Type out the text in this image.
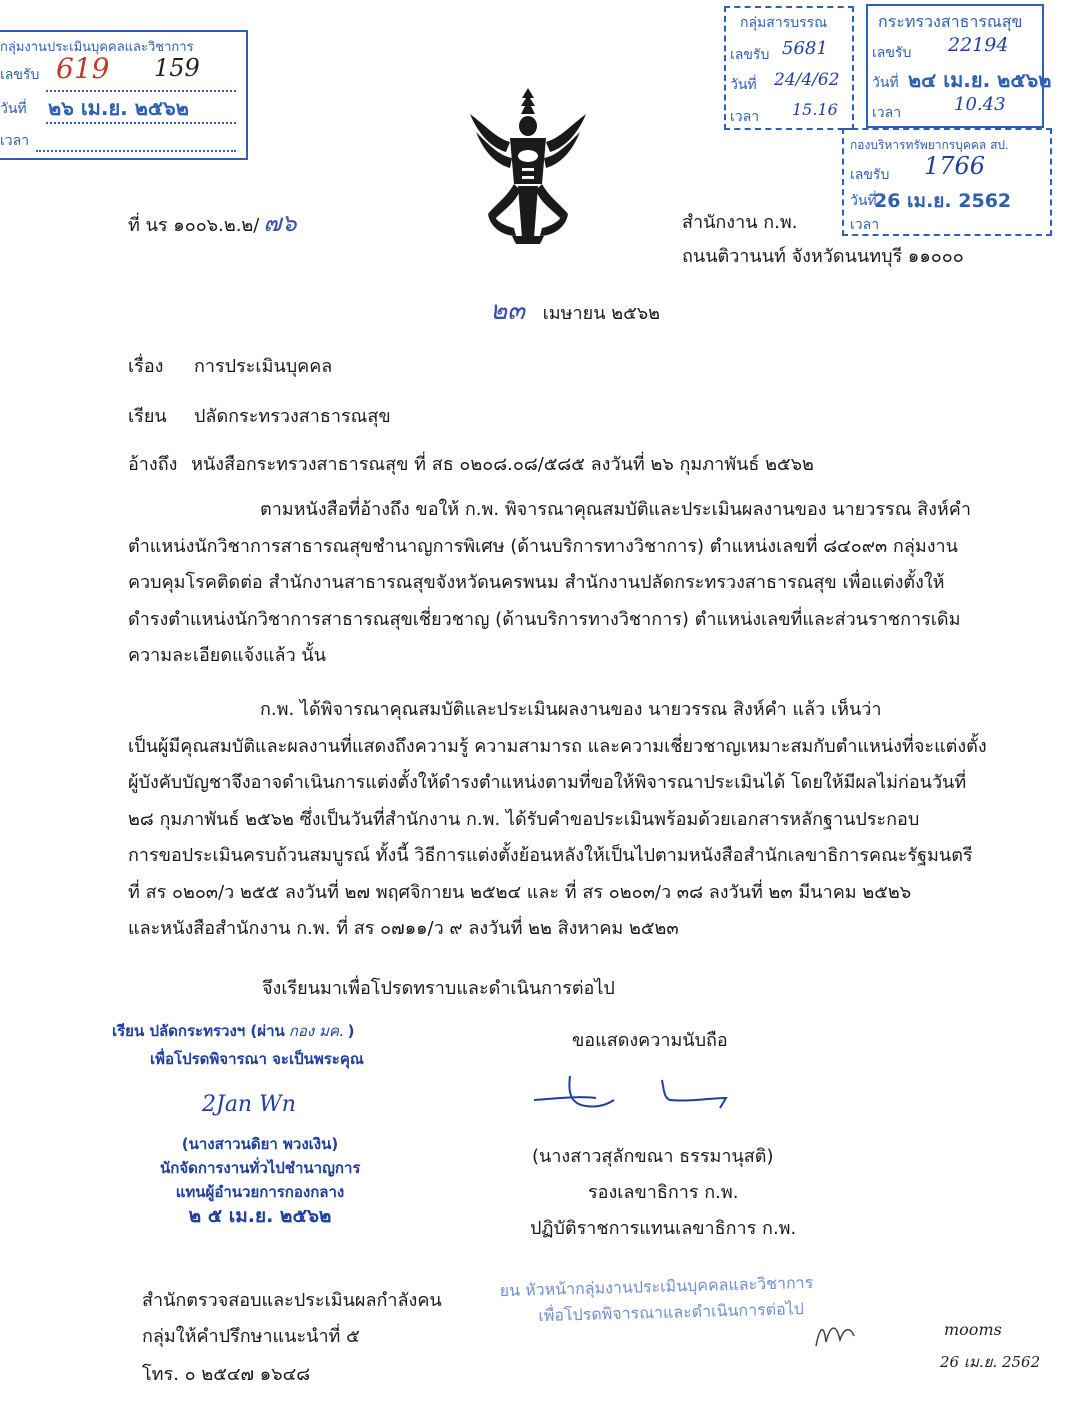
กลุ่มงานประเมินบุคคลและวิชาการ
เลขรับ 619 159
วันที่ ๒๖ เม.ย. ๒๕๖๒
เวลา
กลุ่มสารบรรณ
เลขรับ 5681
วันที่ 24/4/62
เวลา 15.16
กระทรวงสาธารณสุข
เลขรับ 22194
วันที่ ๒๔ เม.ย. ๒๕๖๒
เวลา	10.43
กองบริหารทรัพยากรบุคคล สป.
เลขรับ 1766
วันที่
26 เม.ย. 2562
เวลา
ที่ นร ๑๐๐๖.๒.๒/ ๗๖	สำนักงาน ก.พ.
ถนนติวานนท์ จังหวัดนนทบุรี ๑๑๐๐๐
๒๓ เมษายน ๒๕๖๒
เรื่อง การประเมินบุคคล
เรียน ปลัดกระทรวงสาธารณสุข
อ้างถึง หนังสือกระทรวงสาธารณสุข ที่ สธ ๐๒๐๘.๐๘/๕๘๕ ลงวันที่ ๒๖ กุมภาพันธ์ ๒๕๖๒

ตามหนังสือที่อ้างถึง ขอให้ ก.พ. พิจารณาคุณสมบัติและประเมินผลงานของ นายวรรณ สิงห์คำ

ตำแหน่งนักวิชาการสาธารณสุขชำนาญการพิเศษ (ด้านบริการทางวิชาการ) ตำแหน่งเลขที่ ๘๔๐๙๓ กลุ่มงาน

ควบคุมโรคติดต่อ สำนักงานสาธารณสุขจังหวัดนครพนม สำนักงานปลัดกระทรวงสาธารณสุข เพื่อแต่งตั้งให้

ดำรงตำแหน่งนักวิชาการสาธารณสุขเชี่ยวชาญ (ด้านบริการทางวิชาการ) ตำแหน่งเลขที่และส่วนราชการเดิม

ความละเอียดแจ้งแล้ว นั้น

ก.พ. ได้พิจารณาคุณสมบัติและประเมินผลงานของ นายวรรณ สิงห์คำ แล้ว เห็นว่า

เป็นผู้มีคุณสมบัติและผลงานที่แสดงถึงความรู้ ความสามารถ และความเชี่ยวชาญเหมาะสมกับตำแหน่งที่จะแต่งตั้ง

ผู้บังคับบัญชาจึงอาจดำเนินการแต่งตั้งให้ดำรงตำแหน่งตามที่ขอให้พิจารณาประเมินได้ โดยให้มีผลไม่ก่อนวันที่

๒๘ กุมภาพันธ์ ๒๕๖๒ ซึ่งเป็นวันที่สำนักงาน ก.พ. ได้รับคำขอประเมินพร้อมด้วยเอกสารหลักฐานประกอบ

การขอประเมินครบถ้วนสมบูรณ์ ทั้งนี้ วิธีการแต่งตั้งย้อนหลังให้เป็นไปตามหนังสือสำนักเลขาธิการคณะรัฐมนตรี

ที่ สร ๐๒๐๓/ว ๒๕๕ ลงวันที่ ๒๗ พฤศจิกายน ๒๕๒๔ และ ที่ สร ๐๒๐๓/ว ๓๘ ลงวันที่ ๒๓ มีนาคม ๒๕๒๖

และหนังสือสำนักงาน ก.พ. ที่ สร ๐๗๑๑/ว ๙ ลงวันที่ ๒๒ สิงหาคม ๒๕๒๓

จึงเรียนมาเพื่อโปรดทราบและดำเนินการต่อไป
ขอแสดงความนับถือ
(นางสาวสุลักขณา ธรรมานุสติ)
รองเลขาธิการ ก.พ.
ปฏิบัติราชการแทนเลขาธิการ ก.พ.
เรียน ปลัดกระทรวงฯ (ผ่าน กอง มค. )
เพื่อโปรดพิจารณา จะเป็นพระคุณ
2Jan Wn
(นางสาวนดิยา พวงเงิน)
นักจัดการงานทั่วไปชำนาญการ
แทนผู้อำนวยการกองกลาง
๒ ๕ เม.ย. ๒๕๖๒
สำนักตรวจสอบและประเมินผลกำลังคน
กลุ่มให้คำปรึกษาแนะนำที่ ๕
โทร. ๐ ๒๕๔๗ ๑๖๔๘
ยน หัวหน้ากลุ่มงานประเมินบุคคลและวิชาการ
เพื่อโปรดพิจารณาและดำเนินการต่อไป
mooms
26 เม.ย. 2562
